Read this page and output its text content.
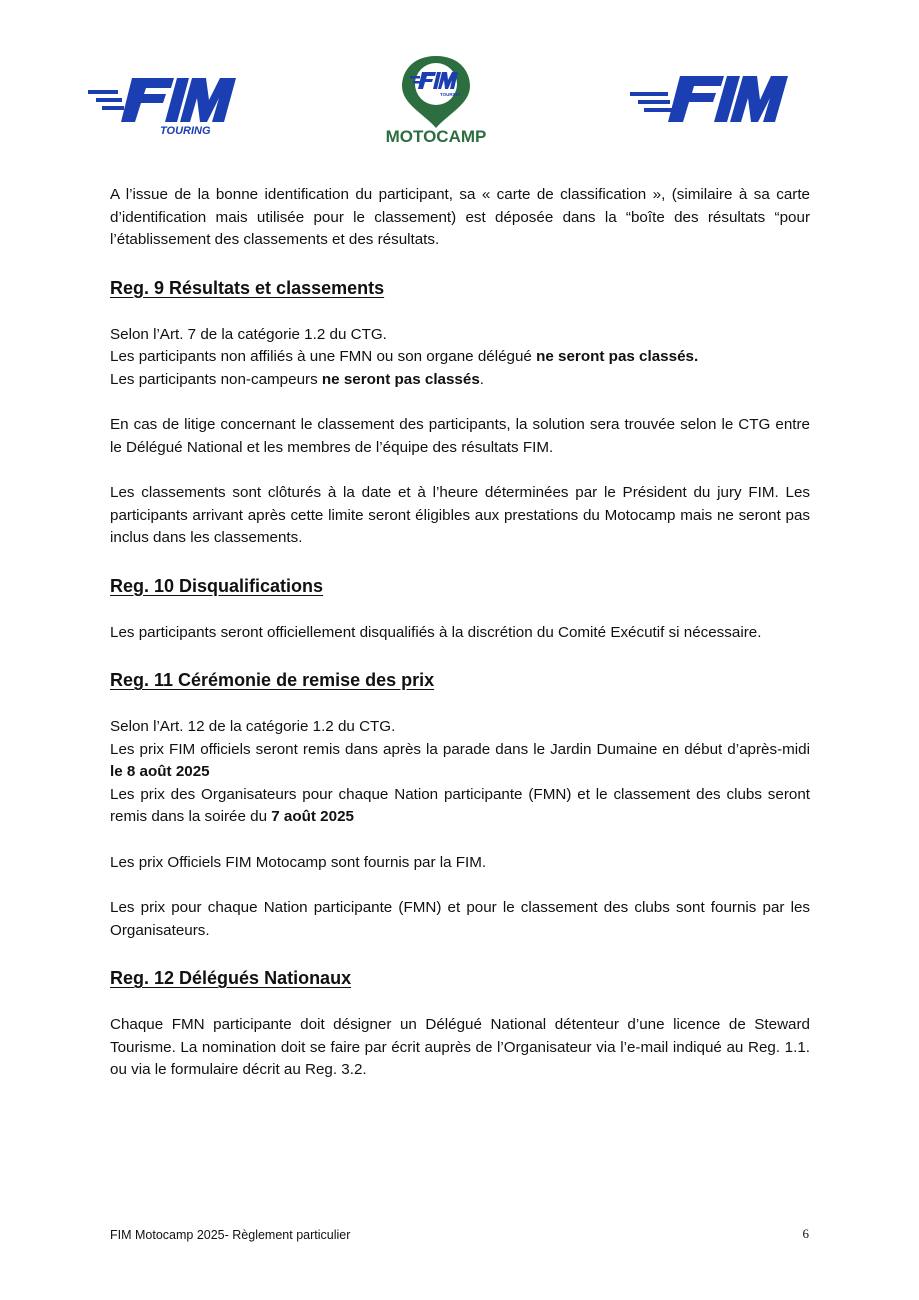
TOURING
TOURING
MOTOCAMP

A l’issue de la bonne identification du participant, sa « carte de classification », (similaire à sa carte d’identification mais utilisée pour le classement) est déposée dans la “boîte des résultats “pour l’établissement des classements et des résultats.

Reg. 9 Résultats et classements

Selon l’Art. 7 de la catégorie 1.2 du CTG.

Les participants non affiliés à une FMN ou son organe délégué ne seront pas classés.

Les participants non-campeurs ne seront pas classés.

En cas de litige concernant le classement des participants, la solution sera trouvée selon le CTG entre le Délégué National et les membres de l’équipe des résultats FIM.

Les classements sont clôturés à la date et à l’heure déterminées par le Président du jury FIM. Les participants arrivant après cette limite seront éligibles aux prestations du Motocamp mais ne seront pas inclus dans les classements.

Reg. 10 Disqualifications

Les participants seront officiellement disqualifiés à la discrétion du Comité Exécutif si nécessaire.

Reg. 11 Cérémonie de remise des prix

Selon l’Art. 12 de la catégorie 1.2 du CTG.

Les prix FIM officiels seront remis dans après la parade dans le Jardin Dumaine en début d’après-midi le 8 août 2025

Les prix des Organisateurs pour chaque Nation participante (FMN) et le classement des clubs seront remis dans la soirée du 7 août 2025

Les prix Officiels FIM Motocamp sont fournis par la FIM.

Les prix pour chaque Nation participante (FMN) et pour le classement des clubs sont fournis par les Organisateurs.

Reg. 12 Délégués Nationaux

Chaque FMN participante doit désigner un Délégué National détenteur d’une licence de Steward Tourisme. La nomination doit se faire par écrit auprès de l’Organisateur via l’e-mail indiqué au Reg. 1.1. ou via le formulaire décrit au Reg. 3.2.

FIM Motocamp 2025- Règlement particulier	6
